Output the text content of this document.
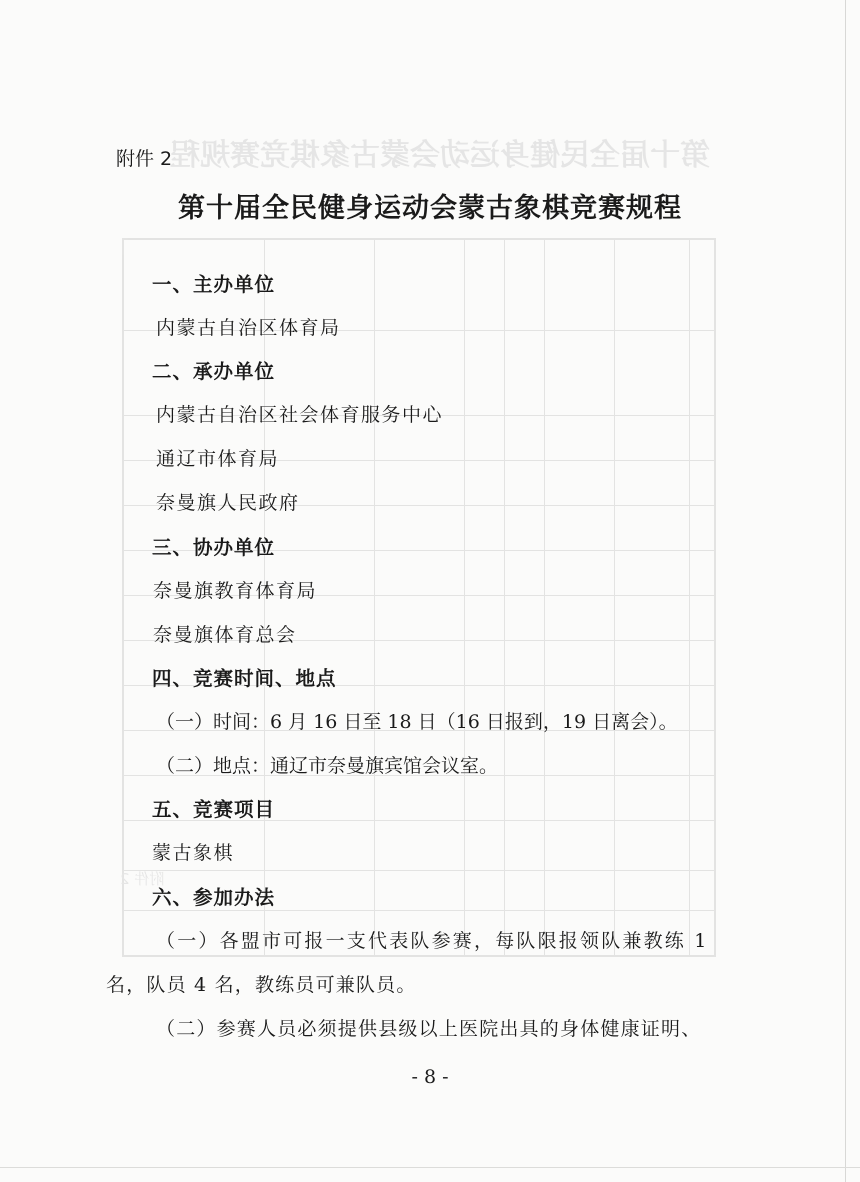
第十届全民健身运动会蒙古象棋竞赛规程
附件 2
附件 2
第十届全民健身运动会蒙古象棋竞赛规程
一、主办单位
内蒙古自治区体育局
二、承办单位
内蒙古自治区社会体育服务中心
通辽市体育局
奈曼旗人民政府
三、协办单位
奈曼旗教育体育局
奈曼旗体育总会
四、竞赛时间、地点
（一）时间：6 月 16 日至 18 日（16 日报到，19 日离会）。
（二）地点：通辽市奈曼旗宾馆会议室。
五、竞赛项目
蒙古象棋
六、参加办法
（一）各盟市可报一支代表队参赛，每队限报领队兼教练 1
名，队员 4 名，教练员可兼队员。
（二）参赛人员必须提供县级以上医院出具的身体健康证明、
- 8 -
